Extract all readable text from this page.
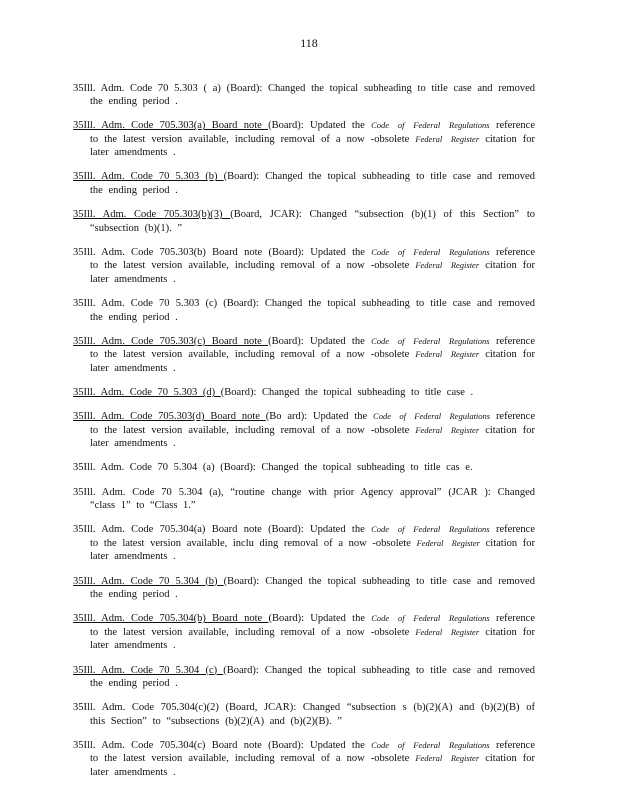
118

35Ill. Adm. Code 70 5.303 ( a) (Board): Changed the topical subheading to title case and removed the ending period .

35Ill. Adm. Code 705.303(a) Board note (Board): Updated the Code of Federal Regulations reference to the latest version available, including removal of a now -obsolete Federal Register citation for later amendments .

35Ill. Adm. Code 70 5.303 (b) (Board): Changed the topical subheading to title case and removed the ending period .

35Ill. Adm. Code 705.303(b)(3) (Board, JCAR): Changed “subsection (b)(1) of this Section” to “subsection (b)(1). ”

35Ill. Adm. Code 705.303(b) Board note (Board): Updated the Code of Federal Regulations reference to the latest version available, including removal of a now -obsolete Federal Register citation for later amendments .

35Ill. Adm. Code 70 5.303 (c) (Board): Changed the topical subheading to title case and removed the ending period .

35Ill. Adm. Code 705.303(c) Board note (Board): Updated the Code of Federal Regulations reference to the latest version available, including removal of a now -obsolete Federal Register citation for later amendments .

35Ill. Adm. Code 70 5.303 (d) (Board): Changed the topical subheading to title case .

35Ill. Adm. Code 705.303(d) Board note (Bo ard): Updated the Code of Federal Regulations reference to the latest version available, including removal of a now -obsolete Federal Register citation for later amendments .

35Ill. Adm. Code 70 5.304 (a) (Board): Changed the topical subheading to title cas e.

35Ill. Adm. Code 70 5.304 (a), “routine change with prior Agency approval” (JCAR ): Changed “class 1” to “Class 1.”

35Ill. Adm. Code 705.304(a) Board note (Board): Updated the Code of Federal Regulations reference to the latest version available, inclu ding removal of a now -obsolete Federal Register citation for later amendments .

35Ill. Adm. Code 70 5.304 (b) (Board): Changed the topical subheading to title case and removed the ending period .

35Ill. Adm. Code 705.304(b) Board note (Board): Updated the Code of Federal Regulations reference to the latest version available, including removal of a now -obsolete Federal Register citation for later amendments .

35Ill. Adm. Code 70 5.304 (c) (Board): Changed the topical subheading to title case and removed the ending period .

35Ill. Adm. Code 705.304(c)(2) (Board, JCAR): Changed “subsection s (b)(2)(A) and (b)(2)(B) of this Section” to “subsections (b)(2)(A) and (b)(2)(B). ”

35Ill. Adm. Code 705.304(c) Board note (Board): Updated the Code of Federal Regulations reference to the latest version available, including removal of a now -obsolete Federal Register citation for later amendments .
